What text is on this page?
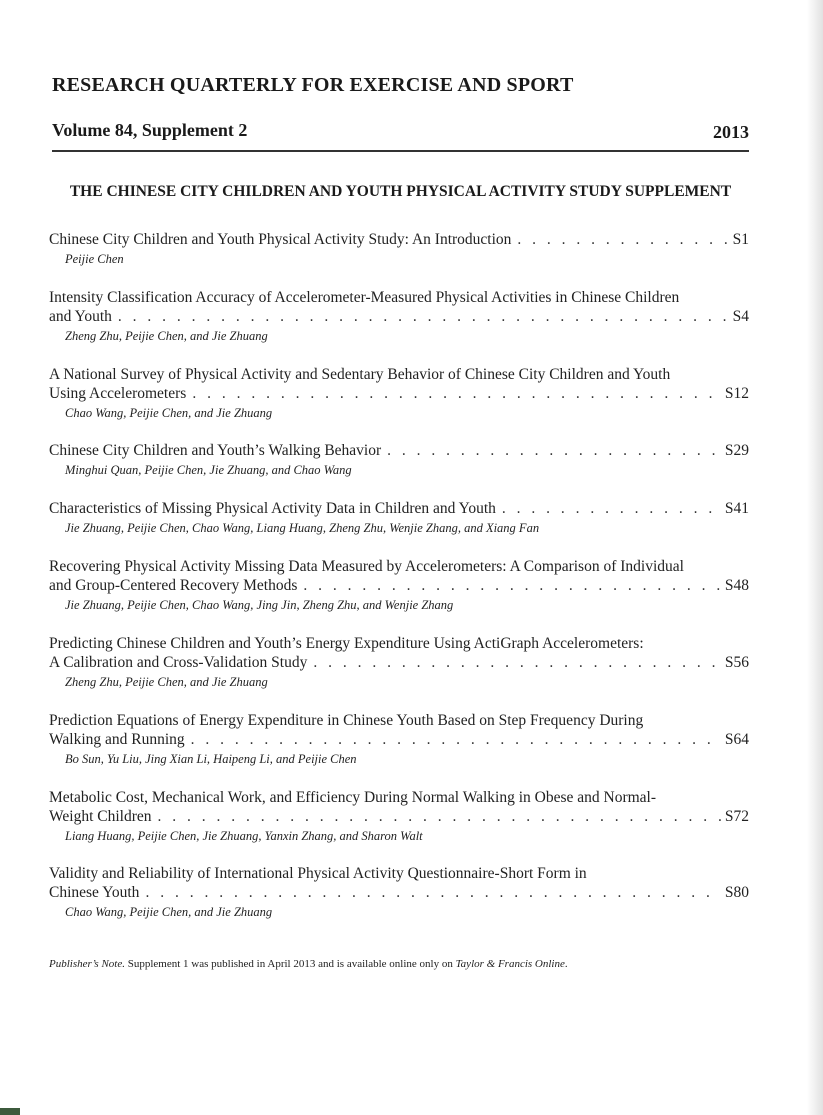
RESEARCH QUARTERLY FOR EXERCISE AND SPORT
Volume 84, Supplement 2	2013
THE CHINESE CITY CHILDREN AND YOUTH PHYSICAL ACTIVITY STUDY SUPPLEMENT
Chinese City Children and Youth Physical Activity Study: An Introduction . . .	S1
Peijie Chen
Intensity Classification Accuracy of Accelerometer-Measured Physical Activities in Chinese Children
and Youth . . .	S4
Zheng Zhu, Peijie Chen, and Jie Zhuang
A National Survey of Physical Activity and Sedentary Behavior of Chinese City Children and Youth
Using Accelerometers . . .	S12
Chao Wang, Peijie Chen, and Jie Zhuang
Chinese City Children and Youth’s Walking Behavior . . .	S29
Minghui Quan, Peijie Chen, Jie Zhuang, and Chao Wang
Characteristics of Missing Physical Activity Data in Children and Youth . . .	S41
Jie Zhuang, Peijie Chen, Chao Wang, Liang Huang, Zheng Zhu, Wenjie Zhang, and Xiang Fan
Recovering Physical Activity Missing Data Measured by Accelerometers: A Comparison of Individual
and Group-Centered Recovery Methods . . .	S48
Jie Zhuang, Peijie Chen, Chao Wang, Jing Jin, Zheng Zhu, and Wenjie Zhang
Predicting Chinese Children and Youth’s Energy Expenditure Using ActiGraph Accelerometers:
A Calibration and Cross-Validation Study . . .	S56
Zheng Zhu, Peijie Chen, and Jie Zhuang
Prediction Equations of Energy Expenditure in Chinese Youth Based on Step Frequency During
Walking and Running . . .	S64
Bo Sun, Yu Liu, Jing Xian Li, Haipeng Li, and Peijie Chen
Metabolic Cost, Mechanical Work, and Efficiency During Normal Walking in Obese and Normal-
Weight Children . . .	S72
Liang Huang, Peijie Chen, Jie Zhuang, Yanxin Zhang, and Sharon Walt
Validity and Reliability of International Physical Activity Questionnaire-Short Form in
Chinese Youth . . .	S80
Chao Wang, Peijie Chen, and Jie Zhuang
Publisher’s Note. Supplement 1 was published in April 2013 and is available online only on Taylor & Francis Online.
